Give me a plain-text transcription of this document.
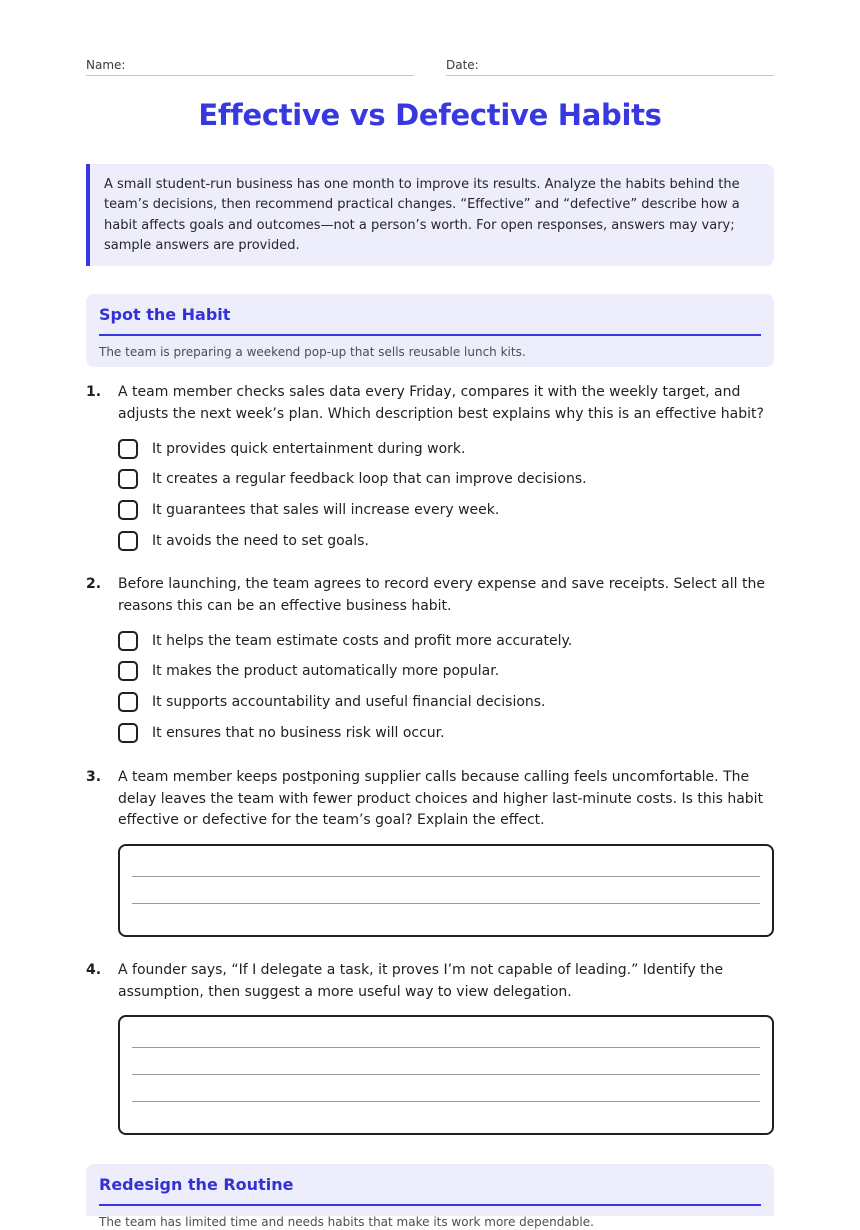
Name:	Date:
Effective vs Defective Habits
A small student-run business has one month to improve its results. Analyze the habits behind the team’s decisions, then recommend practical changes. “Effective” and “defective” describe how a habit affects goals and outcomes—not a person’s worth. For open responses, answers may vary; sample answers are provided.
Spot the Habit
The team is preparing a weekend pop-up that sells reusable lunch kits.
1. A team member checks sales data every Friday, compares it with the weekly target, and adjusts the next week’s plan. Which description best explains why this is an effective habit?
It provides quick entertainment during work.
It creates a regular feedback loop that can improve decisions.
It guarantees that sales will increase every week.
It avoids the need to set goals.
2. Before launching, the team agrees to record every expense and save receipts. Select all the reasons this can be an effective business habit.
It helps the team estimate costs and profit more accurately.
It makes the product automatically more popular.
It supports accountability and useful financial decisions.
It ensures that no business risk will occur.
3. A team member keeps postponing supplier calls because calling feels uncomfortable. The delay leaves the team with fewer product choices and higher last-minute costs. Is this habit effective or defective for the team’s goal? Explain the effect.
4. A founder says, “If I delegate a task, it proves I’m not capable of leading.” Identify the assumption, then suggest a more useful way to view delegation.
Redesign the Routine
The team has limited time and needs habits that make its work more dependable.
